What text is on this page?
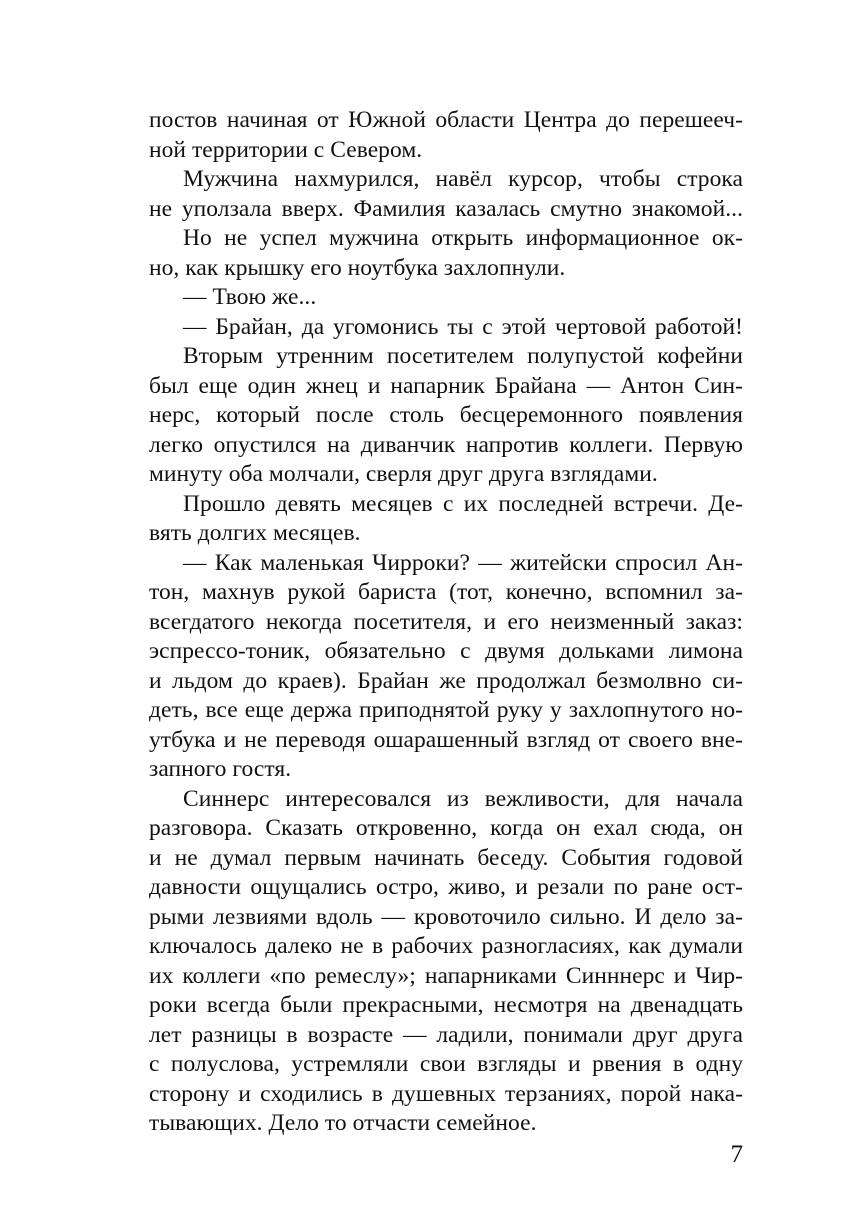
постов начиная от Южной области Центра до перешееч-

ной территории с Севером.

Мужчина нахмурился, навёл курсор, чтобы строка

не уползала вверх. Фамилия казалась смутно знакомой...

Но не успел мужчина открыть информационное ок-

но, как крышку его ноутбука захлопнули.

— Твою же...

— Брайан, да угомонись ты с этой чертовой работой!

Вторым утренним посетителем полупустой кофейни

был еще один жнец и напарник Брайана — Антон Син-

нерс, который после столь бесцеремонного появления

легко опустился на диванчик напротив коллеги. Первую

минуту оба молчали, сверля друг друга взглядами.

Прошло девять месяцев с их последней встречи. Де-

вять долгих месяцев.

— Как маленькая Чирроки? — житейски спросил Ан-

тон, махнув рукой бариста (тот, конечно, вспомнил за-

всегдатого некогда посетителя, и его неизменный заказ:

эспрессо-тоник, обязательно с двумя дольками лимона

и льдом до краев). Брайан же продолжал безмолвно си-

деть, все еще держа приподнятой руку у захлопнутого но-

утбука и не переводя ошарашенный взгляд от своего вне-

запного гостя.

Синнерс интересовался из вежливости, для начала

разговора. Сказать откровенно, когда он ехал сюда, он

и не думал первым начинать беседу. События годовой

давности ощущались остро, живо, и резали по ране ост-

рыми лезвиями вдоль — кровоточило сильно. И дело за-

ключалось далеко не в рабочих разногласиях, как думали

их коллеги «по ремеслу»; напарниками Синннерс и Чир-

роки всегда были прекрасными, несмотря на двенадцать

лет разницы в возрасте — ладили, понимали друг друга

с полуслова, устремляли свои взгляды и рвения в одну

сторону и сходились в душевных терзаниях, порой нака-

тывающих. Дело то отчасти семейное.

7
